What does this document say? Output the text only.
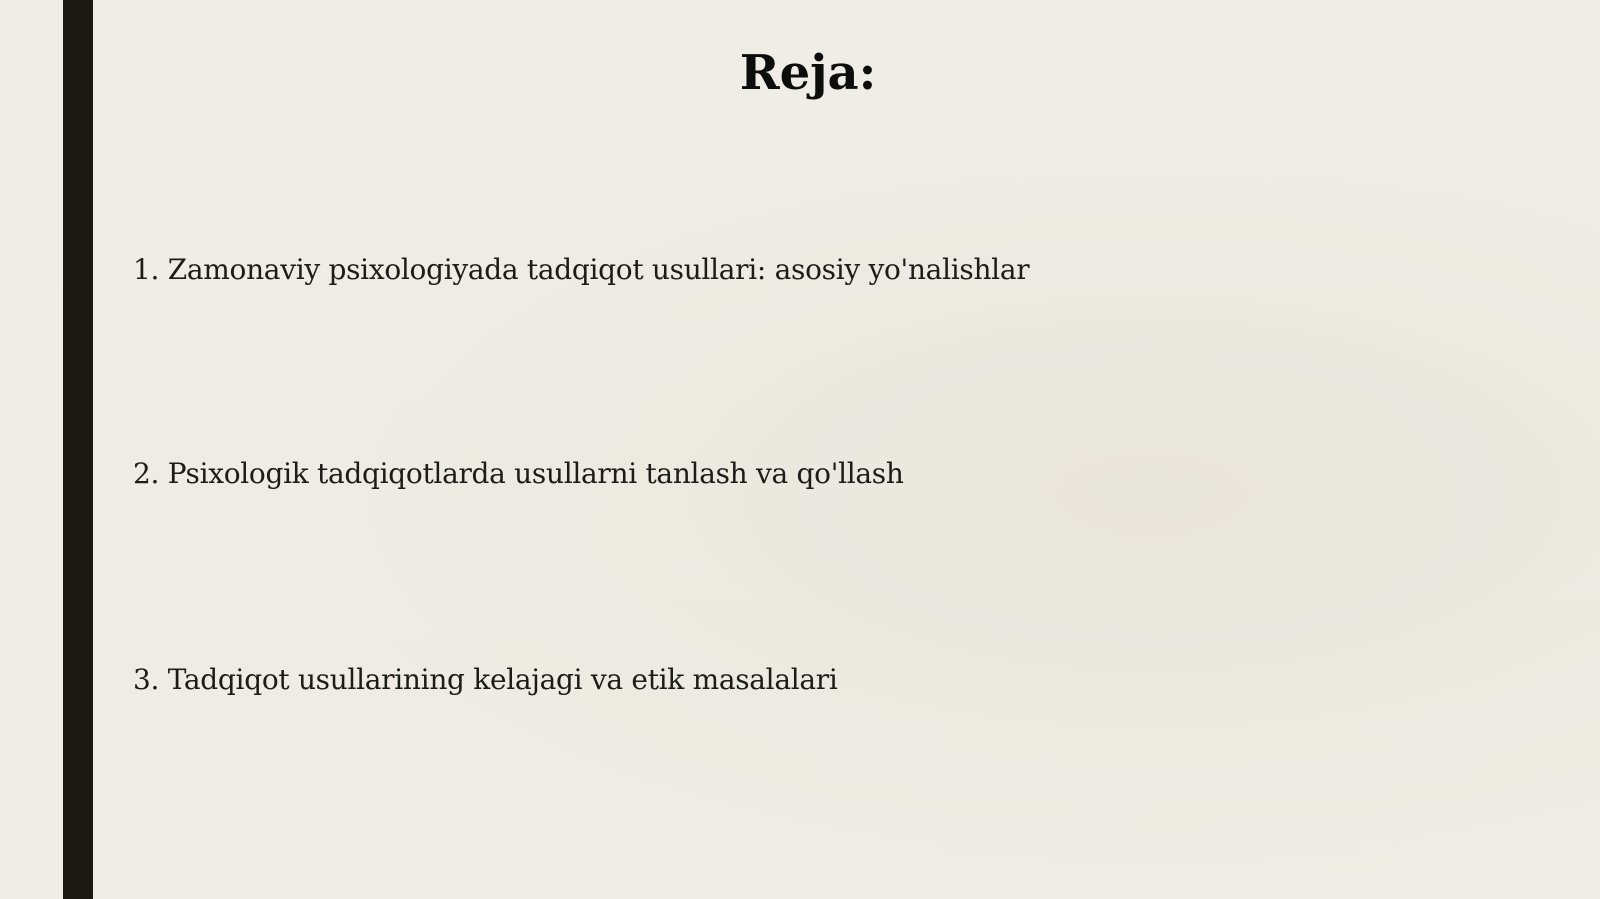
Reja:
1. Zamonaviy psixologiyada tadqiqot usullari: asosiy yo'nalishlar
2. Psixologik tadqiqotlarda usullarni tanlash va qo'llash
3. Tadqiqot usullarining kelajagi va etik masalalari
